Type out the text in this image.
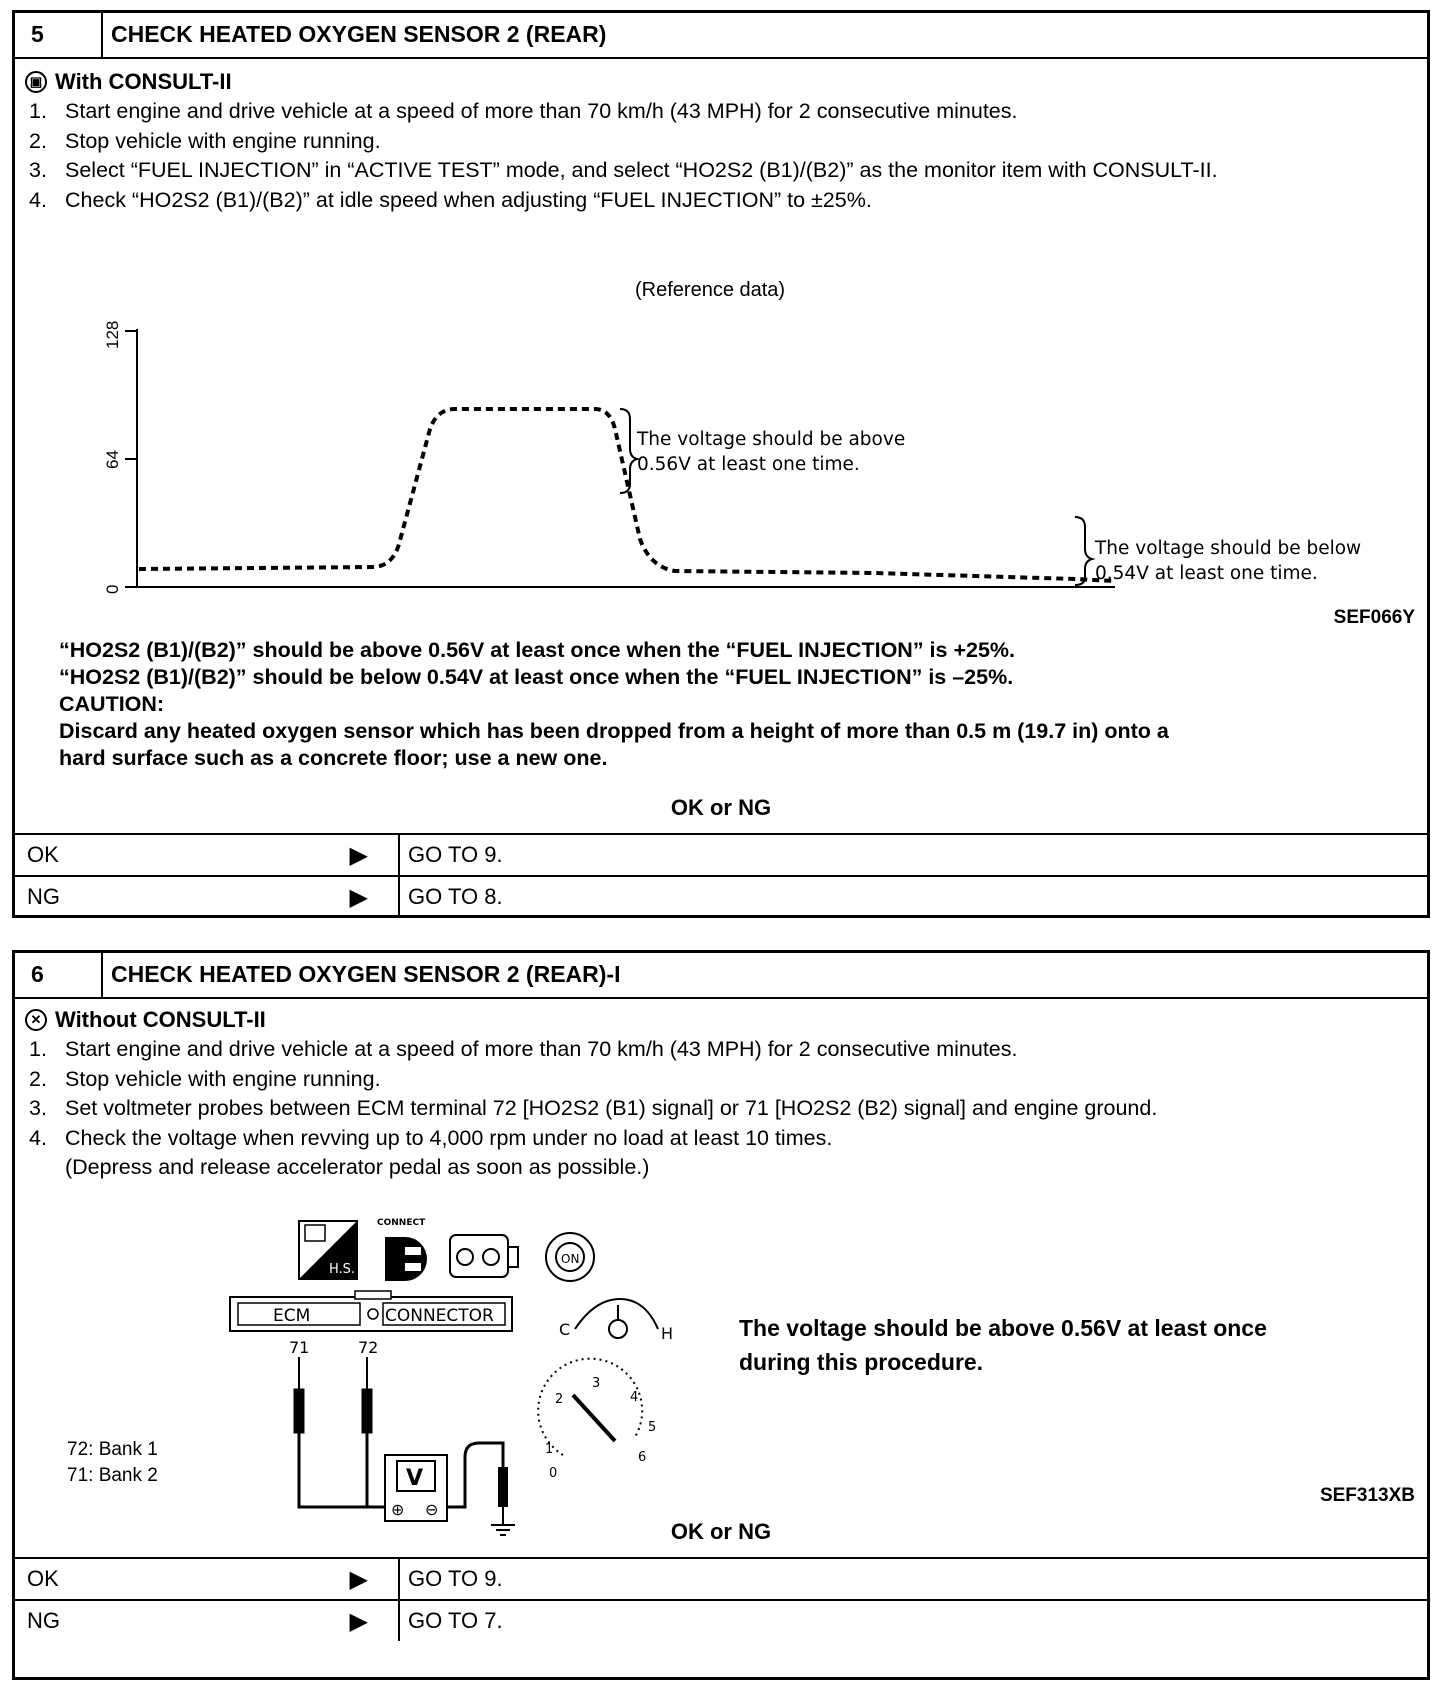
5	CHECK HEATED OXYGEN SENSOR 2 (REAR)
▣ With CONSULT-II
1. Start engine and drive vehicle at a speed of more than 70 km/h (43 MPH) for 2 consecutive minutes.
2. Stop vehicle with engine running.
3. Select “FUEL INJECTION” in “ACTIVE TEST” mode, and select “HO2S2 (B1)/(B2)” as the monitor item with CONSULT-II.
4. Check “HO2S2 (B1)/(B2)” at idle speed when adjusting “FUEL INJECTION” to ±25%.
(Reference data)
128
64
0
The voltage should be above
0.56V at least one time.
The voltage should be below
0.54V at least one time.
SEF066Y
“HO2S2 (B1)/(B2)” should be above 0.56V at least once when the “FUEL INJECTION” is +25%.
“HO2S2 (B1)/(B2)” should be below 0.54V at least once when the “FUEL INJECTION” is –25%.
CAUTION:
Discard any heated oxygen sensor which has been dropped from a height of more than 0.5 m (19.7 in) onto a
hard surface such as a concrete floor; use a new one.
OK or NG
OK	▶	GO TO 9.
NG	▶	GO TO 8.
6	CHECK HEATED OXYGEN SENSOR 2 (REAR)-I
✕ Without CONSULT-II
1. Start engine and drive vehicle at a speed of more than 70 km/h (43 MPH) for 2 consecutive minutes.
2. Stop vehicle with engine running.
3. Set voltmeter probes between ECM terminal 72 [HO2S2 (B1) signal] or 71 [HO2S2 (B2) signal] and engine ground.
4. Check the voltage when revving up to 4,000 rpm under no load at least 10 times.
(Depress and release accelerator pedal as soon as possible.)
H.S.
CONNECT
ON
ECM	CONNECTOR
71	72
V
⊕ ⊖
C	H
0
1
2
3
4
5
6
72: Bank 1
71: Bank 2
The voltage should be above 0.56V at least once
during this procedure.
SEF313XB
OK or NG
OK	▶	GO TO 9.
NG	▶	GO TO 7.
